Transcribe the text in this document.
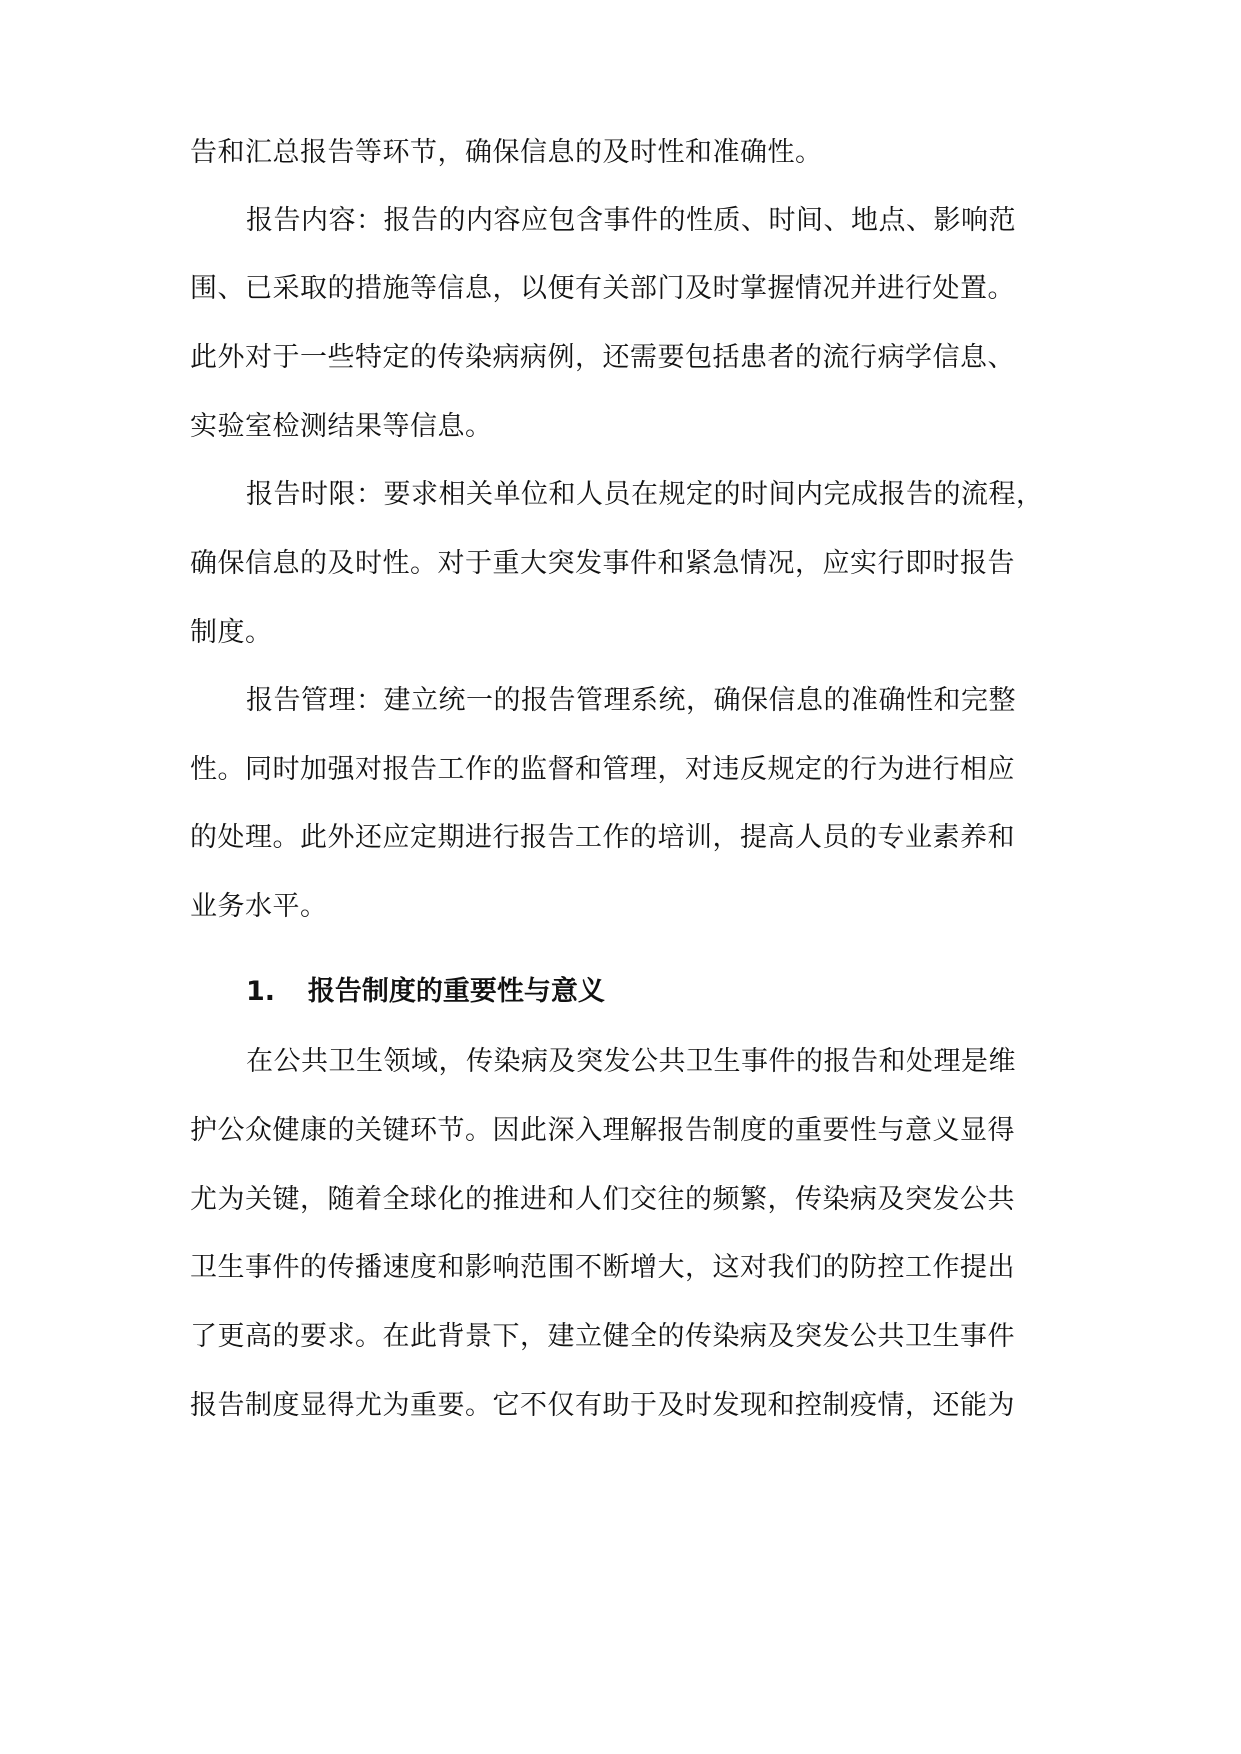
告和汇总报告等环节，确保信息的及时性和准确性。
报告内容：报告的内容应包含事件的性质、时间、地点、影响范
围、已采取的措施等信息，以便有关部门及时掌握情况并进行处置。
此外对于一些特定的传染病病例，还需要包括患者的流行病学信息、
实验室检测结果等信息。
报告时限：要求相关单位和人员在规定的时间内完成报告的流程，
确保信息的及时性。对于重大突发事件和紧急情况，应实行即时报告
制度。
报告管理：建立统一的报告管理系统，确保信息的准确性和完整
性。同时加强对报告工作的监督和管理，对违反规定的行为进行相应
的处理。此外还应定期进行报告工作的培训，提高人员的专业素养和
业务水平。
1. 报告制度的重要性与意义
在公共卫生领域，传染病及突发公共卫生事件的报告和处理是维
护公众健康的关键环节。因此深入理解报告制度的重要性与意义显得
尤为关键，随着全球化的推进和人们交往的频繁，传染病及突发公共
卫生事件的传播速度和影响范围不断增大，这对我们的防控工作提出
了更高的要求。在此背景下，建立健全的传染病及突发公共卫生事件
报告制度显得尤为重要。它不仅有助于及时发现和控制疫情，还能为
